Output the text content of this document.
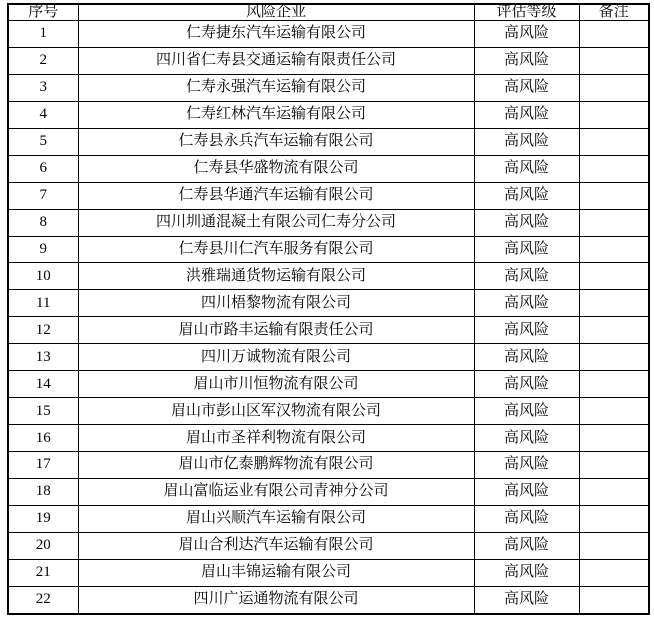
序号	风险企业	评估等级	备注
1	仁寿捷东汽车运输有限公司	高风险	
2	四川省仁寿县交通运输有限责任公司	高风险	
3	仁寿永强汽车运输有限公司	高风险	
4	仁寿红林汽车运输有限公司	高风险	
5	仁寿县永兵汽车运输有限公司	高风险	
6	仁寿县华盛物流有限公司	高风险	
7	仁寿县华通汽车运输有限公司	高风险	
8	四川圳通混凝土有限公司仁寿分公司	高风险	
9	仁寿县川仁汽车服务有限公司	高风险	
10	洪雅瑞通货物运输有限公司	高风险	
11	四川梧黎物流有限公司	高风险	
12	眉山市路丰运输有限责任公司	高风险	
13	四川万诚物流有限公司	高风险	
14	眉山市川恒物流有限公司	高风险	
15	眉山市彭山区军汉物流有限公司	高风险	
16	眉山市圣祥利物流有限公司	高风险	
17	眉山市亿泰鹏辉物流有限公司	高风险	
18	眉山富临运业有限公司青神分公司	高风险	
19	眉山兴顺汽车运输有限公司	高风险	
20	眉山合利达汽车运输有限公司	高风险	
21	眉山丰锦运输有限公司	高风险	
22	四川广运通物流有限公司	高风险	
